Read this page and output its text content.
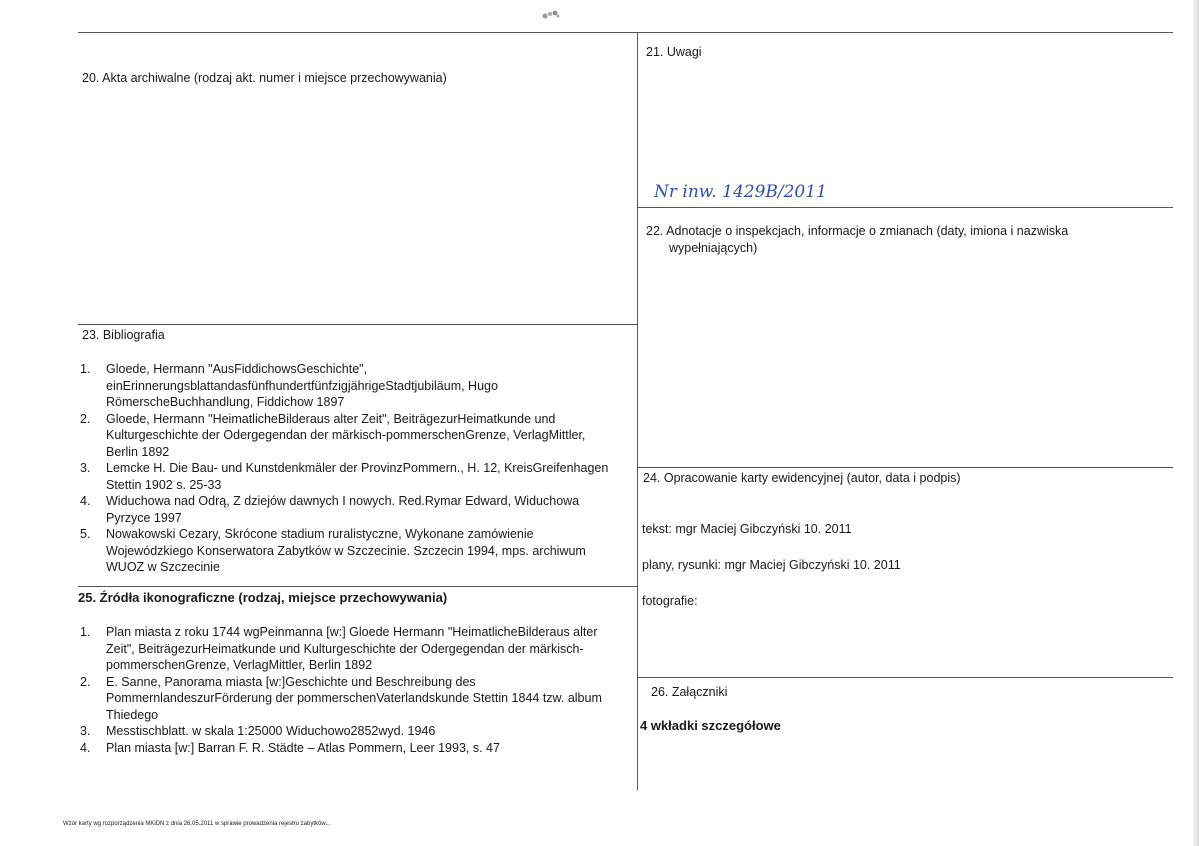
20. Akta archiwalne (rodzaj akt. numer i miejsce przechowywania)
21. Uwagi
Nr inw. 1429B/2011
22. Adnotacje o inspekcjach, informacje o zmianach (daty, imiona i nazwiska
wypełniających)
23. Bibliografia
1. Gloede, Hermann "AusFiddichowsGeschichte",
einErinnerungsblattandasfünfhundertfünfzigjährigeStadtjubiläum, Hugo
RömerscheBuchhandlung, Fiddichow 1897
2. Gloede, Hermann "HeimatlicheBilderaus alter Zeit", BeiträgezurHeimatkunde und
Kulturgeschichte der Odergegendan der märkisch-pommerschenGrenze, VerlagMittler,
Berlin 1892
3. Lemcke H. Die Bau- und Kunstdenkmäler der ProvinzPommern., H. 12, KreisGreifenhagen
Stettin 1902 s. 25-33
4. Widuchowa nad Odrą, Z dziejów dawnych I nowych. Red.Rymar Edward, Widuchowa
Pyrzyce 1997
5. Nowakowski Cezary, Skrócone stadium ruralistyczne, Wykonane zamówienie
Wojewódzkiego Konserwatora Zabytków w Szczecinie. Szczecin 1994, mps. archiwum
WUOZ w Szczecinie
24. Opracowanie karty ewidencyjnej (autor, data i podpis)
tekst: mgr Maciej Gibczyński 10. 2011
plany, rysunki: mgr Maciej Gibczyński 10. 2011
fotografie:
25. Źródła ikonograficzne (rodzaj, miejsce przechowywania)
1. Plan miasta z roku 1744 wgPeinmanna [w:] Gloede Hermann "HeimatlicheBilderaus alter
Zeit", BeiträgezurHeimatkunde und Kulturgeschichte der Odergegendan der märkisch-
pommerschenGrenze, VerlagMittler, Berlin 1892
2. E. Sanne, Panorama miasta [w:]Geschichte und Beschreibung des
PommernlandeszurFörderung der pommerschenVaterlandskunde Stettin 1844 tzw. album
Thiedego
3. Messtischblatt. w skala 1:25000 Widuchowo2852wyd. 1946
4. Plan miasta [w:] Barran F. R. Städte – Atlas Pommern, Leer 1993, s. 47
26. Załączniki
4 wkładki szczegółowe
Wzór karty wg rozporządzenia MKiDN z dnia 26.05.2011 w sprawie prowadzenia rejestru zabytków...
